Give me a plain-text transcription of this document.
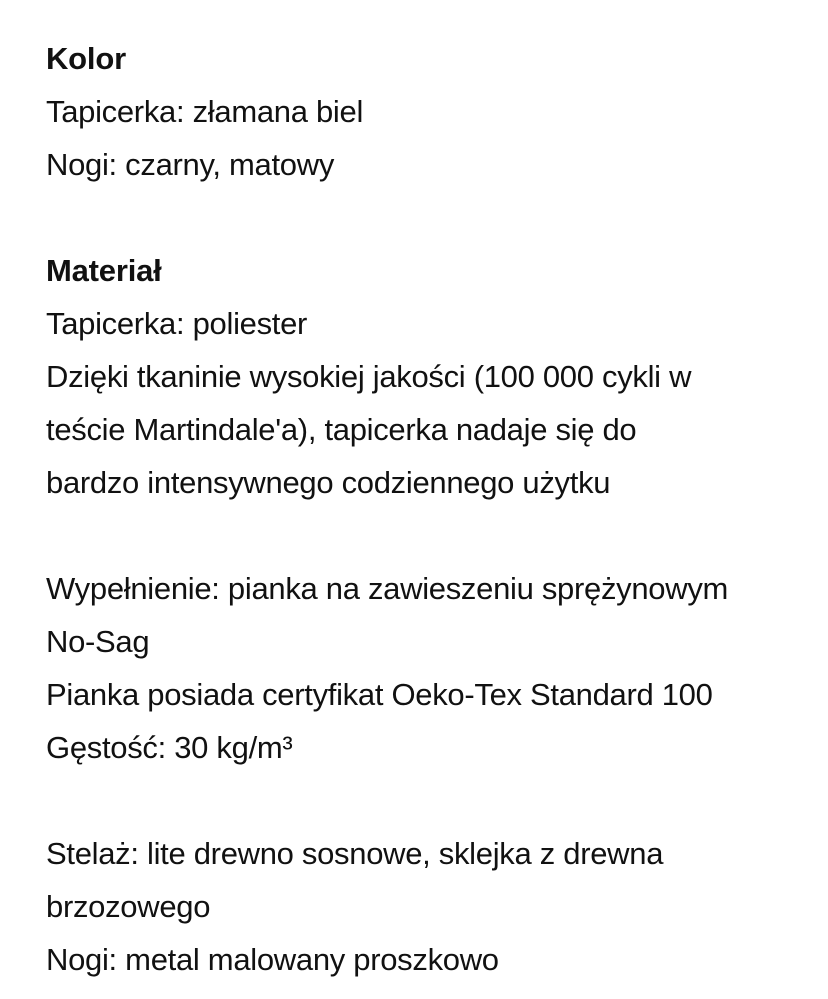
Kolor

Tapicerka: złamana biel

Nogi: czarny, matowy

Materiał

Tapicerka: poliester

Dzięki tkaninie wysokiej jakości (100 000 cykli w

teście Martindale'a), tapicerka nadaje się do

bardzo intensywnego codziennego użytku

Wypełnienie: pianka na zawieszeniu sprężynowym

No-Sag

Pianka posiada certyfikat Oeko-Tex Standard 100

Gęstość: 30 kg/m³

Stelaż: lite drewno sosnowe, sklejka z drewna

brzozowego

Nogi: metal malowany proszkowo
